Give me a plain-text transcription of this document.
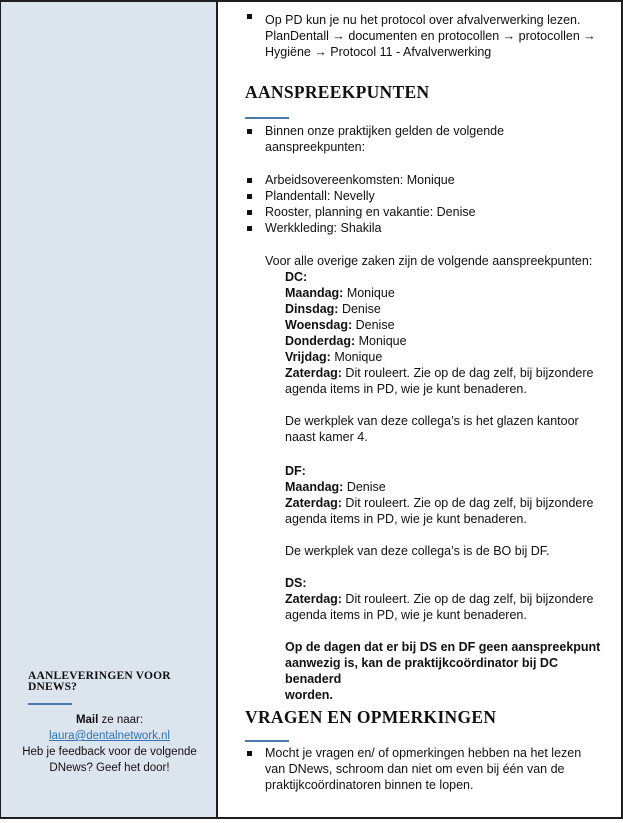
AANLEVERINGEN VOOR DNEWS?
Mail ze naar:
laura@dentalnetwork.nl
Heb je feedback voor de volgende DNews? Geef het door!
Op PD kun je nu het protocol over afvalverwerking lezen.
PlanDentall → documenten en protocollen → protocollen →
Hygiëne → Protocol 11 - Afvalverwerking
AANSPREEKPUNTEN
Binnen onze praktijken gelden de volgende
aanspreekpunten:
Arbeidsovereenkomsten: Monique
Plandentall: Nevelly
Rooster, planning en vakantie: Denise
Werkkleding: Shakila
Voor alle overige zaken zijn de volgende aanspreekpunten:
DC:
Maandag: Monique
Dinsdag: Denise
Woensdag: Denise
Donderdag: Monique
Vrijdag: Monique
Zaterdag: Dit rouleert. Zie op de dag zelf, bij bijzondere
agenda items in PD, wie je kunt benaderen.
De werkplek van deze collega’s is het glazen kantoor
naast kamer 4.
DF:
Maandag: Denise
Zaterdag: Dit rouleert. Zie op de dag zelf, bij bijzondere
agenda items in PD, wie je kunt benaderen.
De werkplek van deze collega’s is de BO bij DF.
DS:
Zaterdag: Dit rouleert. Zie op de dag zelf, bij bijzondere
agenda items in PD, wie je kunt benaderen.
Op de dagen dat er bij DS en DF geen aanspreekpunt
aanwezig is, kan de praktijkcoördinator bij DC benaderd
worden.
VRAGEN EN OPMERKINGEN
Mocht je vragen en/ of opmerkingen hebben na het lezen
van DNews, schroom dan niet om even bij één van de
praktijkcoördinatoren binnen te lopen.
